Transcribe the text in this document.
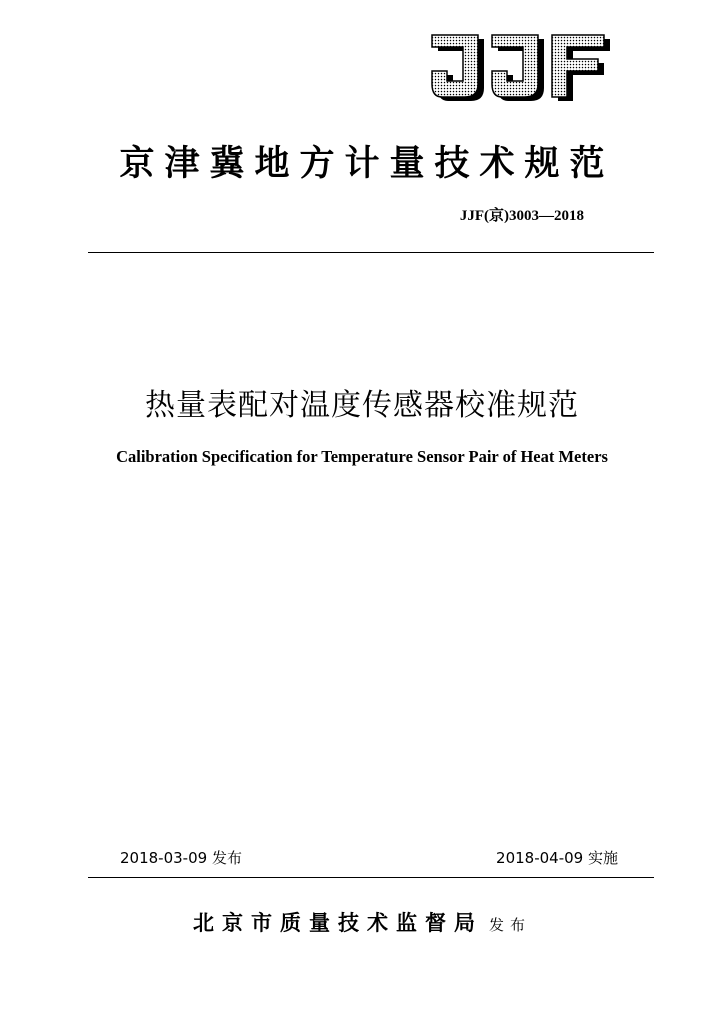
京津冀地方计量技术规范
JJF(京)3003—2018
热量表配对温度传感器校准规范
Calibration Specification for Temperature Sensor Pair of Heat Meters
2018-03-09 发布	2018-04-09 实施
北京市质量技术监督局 发布
